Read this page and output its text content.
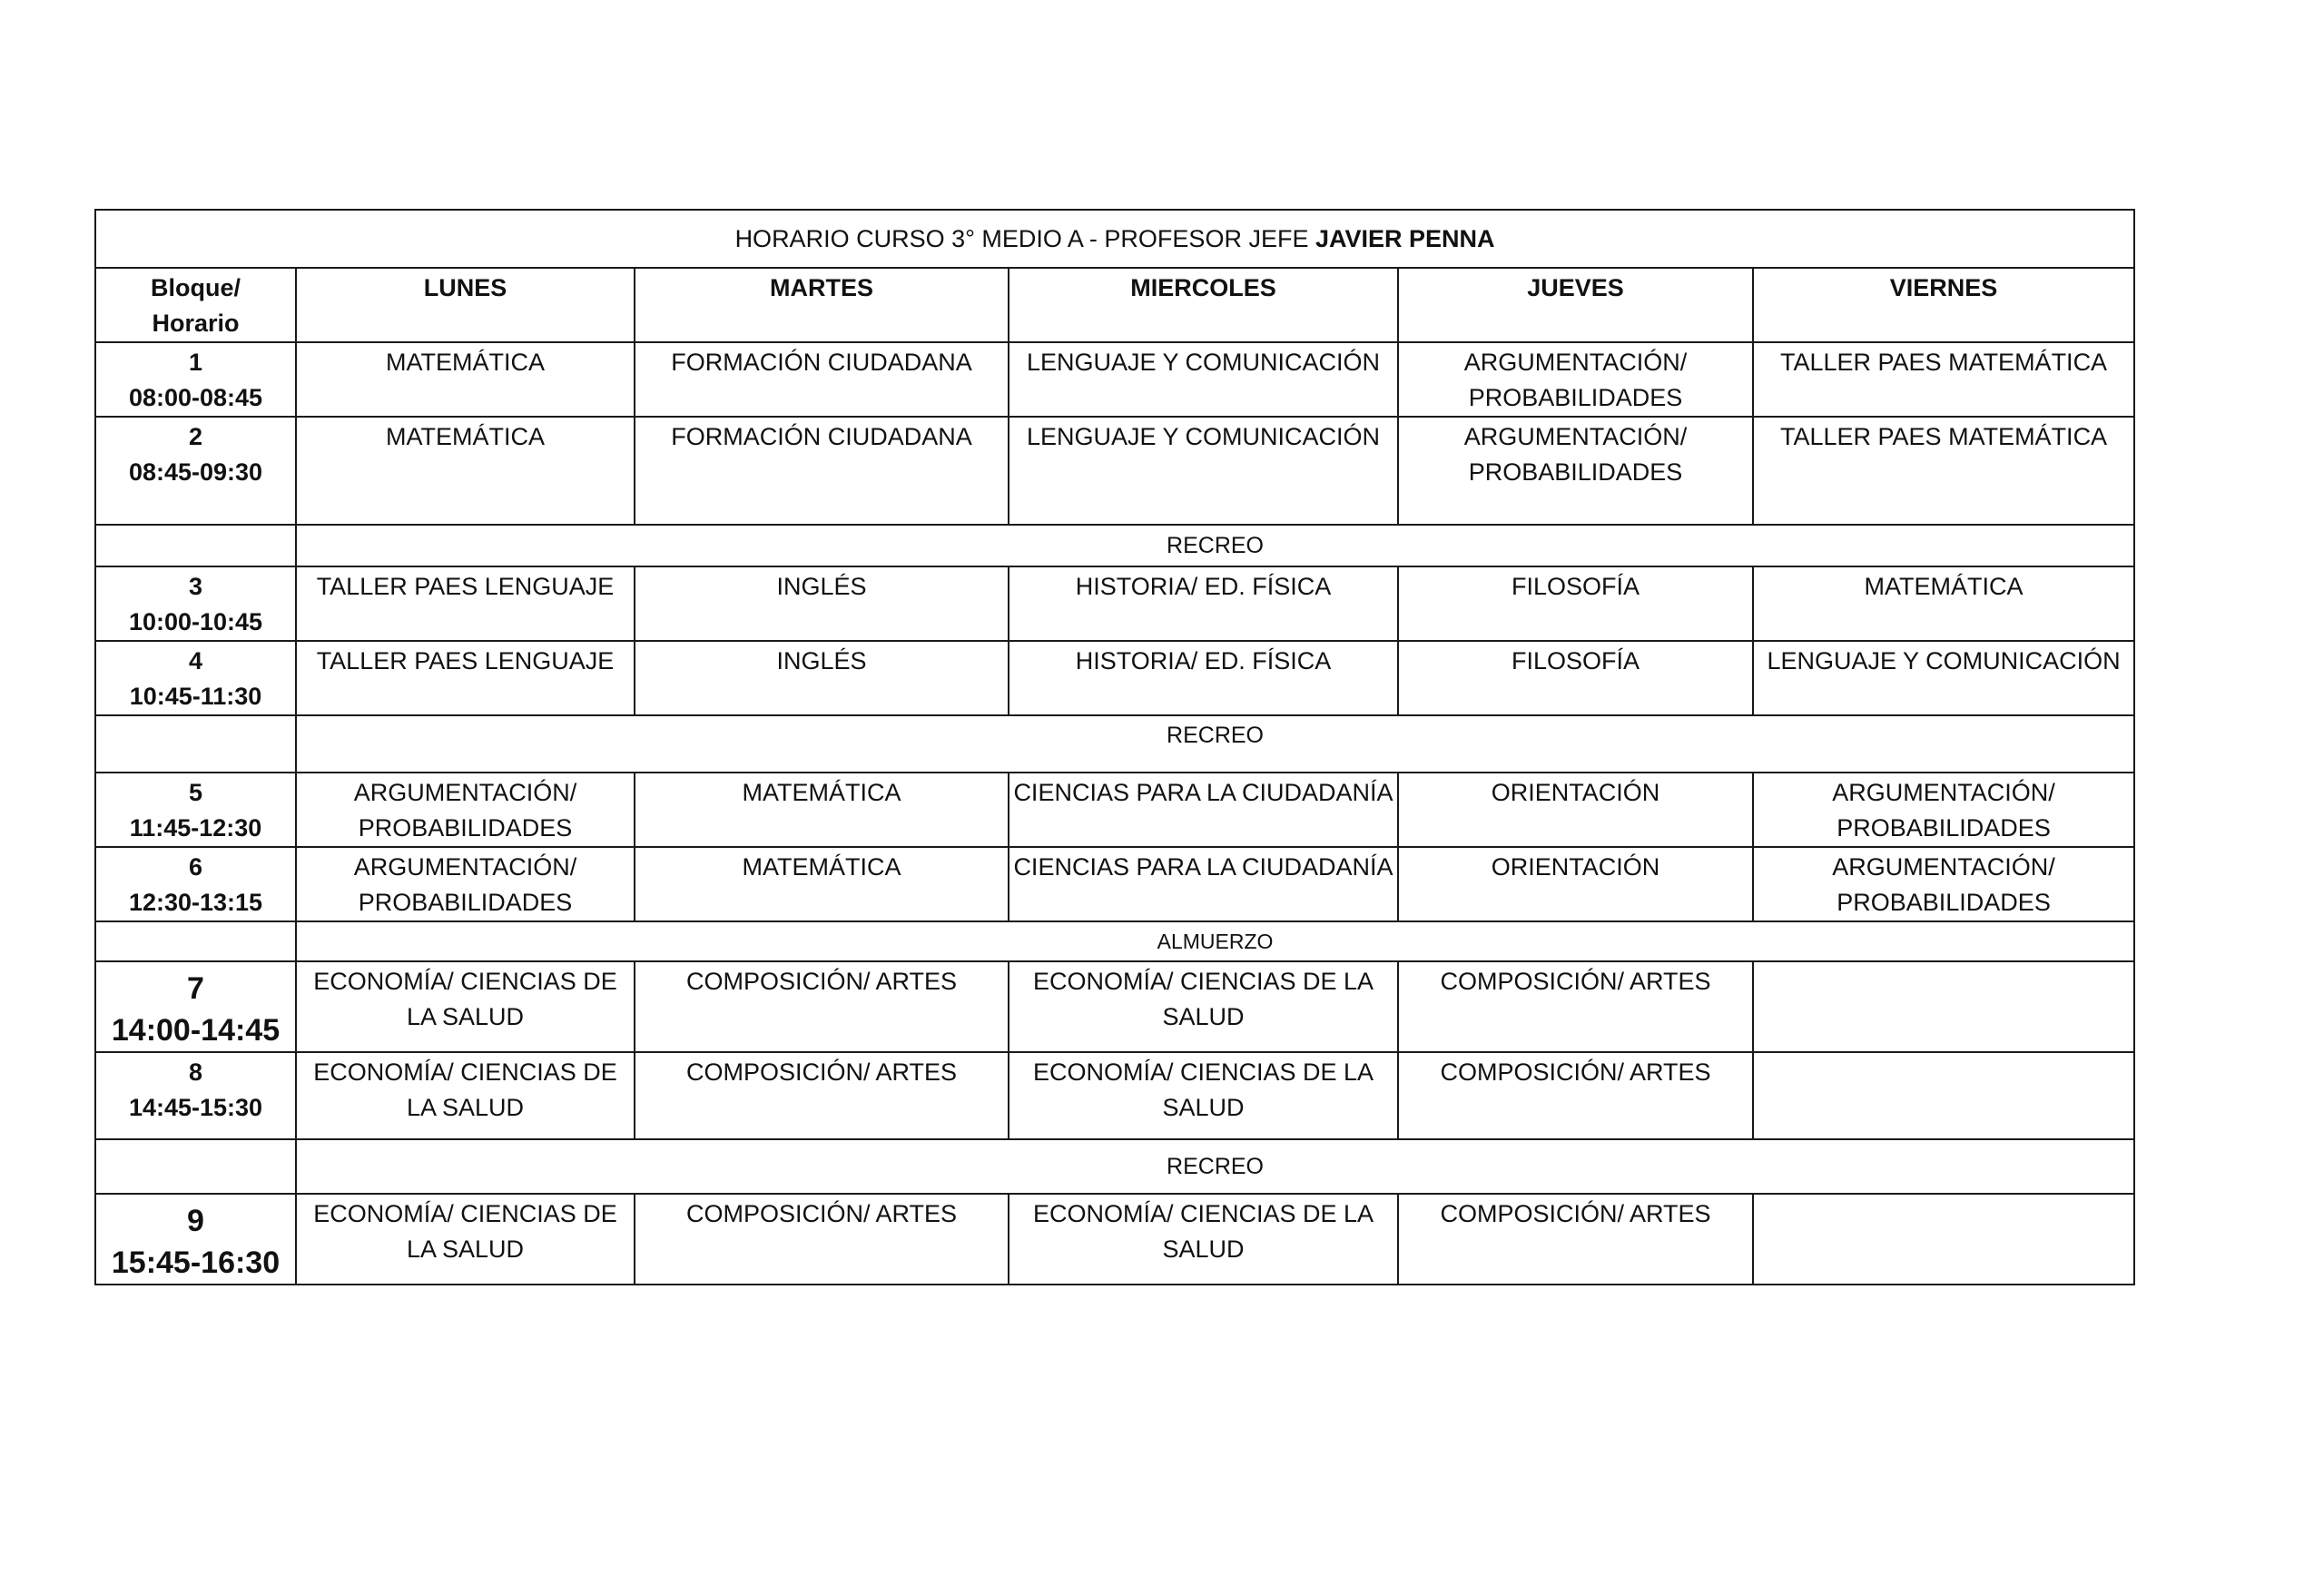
HORARIO CURSO 3° MEDIO A - PROFESOR JEFE JAVIER PENNA					

Bloque/
Horario	LUNES	MARTES	MIERCOLES	JUEVES	VIERNES

1
08:00-08:45	MATEMÁTICA	FORMACIÓN CIUDADANA	LENGUAJE Y COMUNICACIÓN	ARGUMENTACIÓN/
PROBABILIDADES	TALLER PAES MATEMÁTICA

2
08:45-09:30	MATEMÁTICA	FORMACIÓN CIUDADANA	LENGUAJE Y COMUNICACIÓN	ARGUMENTACIÓN/
PROBABILIDADES	TALLER PAES MATEMÁTICA

	RECREO				

3
10:00-10:45	TALLER PAES LENGUAJE	INGLÉS	HISTORIA/ ED. FÍSICA	FILOSOFÍA	MATEMÁTICA

4
10:45-11:30	TALLER PAES LENGUAJE	INGLÉS	HISTORIA/ ED. FÍSICA	FILOSOFÍA	LENGUAJE Y COMUNICACIÓN

	RECREO				

5
11:45-12:30	ARGUMENTACIÓN/
PROBABILIDADES	MATEMÁTICA	CIENCIAS PARA LA CIUDADANÍA	ORIENTACIÓN	ARGUMENTACIÓN/
PROBABILIDADES

6
12:30-13:15	ARGUMENTACIÓN/
PROBABILIDADES	MATEMÁTICA	CIENCIAS PARA LA CIUDADANÍA	ORIENTACIÓN	ARGUMENTACIÓN/
PROBABILIDADES

	ALMUERZO				

7
14:00-14:45	ECONOMÍA/ CIENCIAS DE
LA SALUD	COMPOSICIÓN/ ARTES	ECONOMÍA/ CIENCIAS DE LA
SALUD	COMPOSICIÓN/ ARTES	

8
14:45-15:30	ECONOMÍA/ CIENCIAS DE
LA SALUD	COMPOSICIÓN/ ARTES	ECONOMÍA/ CIENCIAS DE LA
SALUD	COMPOSICIÓN/ ARTES	

	RECREO				

9
15:45-16:30	ECONOMÍA/ CIENCIAS DE
LA SALUD	COMPOSICIÓN/ ARTES	ECONOMÍA/ CIENCIAS DE LA
SALUD	COMPOSICIÓN/ ARTES	
